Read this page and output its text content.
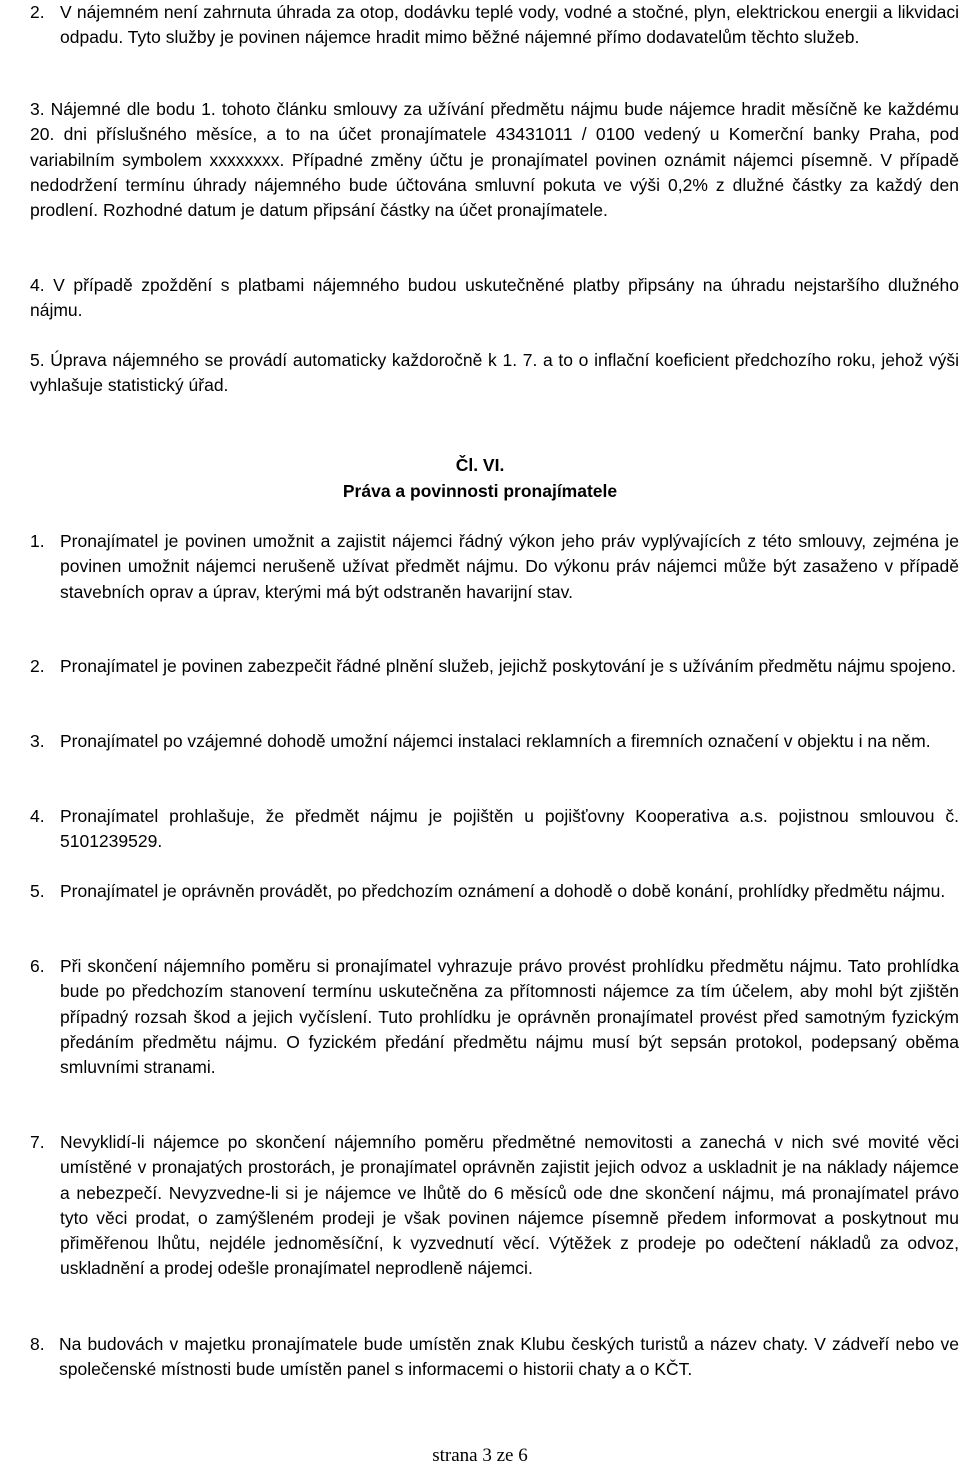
2. V nájemném není zahrnuta úhrada za otop, dodávku teplé vody, vodné a stočné, plyn, elektrickou energii a likvidaci odpadu. Tyto služby je povinen nájemce hradit mimo běžné nájemné přímo dodavatelům těchto služeb.
3. Nájemné dle bodu 1. tohoto článku smlouvy za užívání předmětu nájmu bude nájemce hradit měsíčně ke každému 20. dni příslušného měsíce, a to na účet pronajímatele 43431011 / 0100 vedený u Komerční banky Praha, pod variabilním symbolem xxxxxxxx. Případné změny účtu je pronajímatel povinen oznámit nájemci písemně. V případě nedodržení termínu úhrady nájemného bude účtována smluvní pokuta ve výši 0,2% z dlužné částky za každý den prodlení. Rozhodné datum je datum připsání částky na účet pronajímatele.
4. V případě zpoždění s platbami nájemného budou uskutečněné platby připsány na úhradu nejstaršího dlužného nájmu.
5. Úprava nájemného se provádí automaticky každoročně k 1. 7. a to o inflační koeficient předchozího roku, jehož výši vyhlašuje statistický úřad.
Čl. VI.
Práva a povinnosti pronajímatele
1. Pronajímatel je povinen umožnit a zajistit nájemci řádný výkon jeho práv vyplývajících z této smlouvy, zejména je povinen umožnit nájemci nerušeně užívat předmět nájmu. Do výkonu práv nájemci může být zasaženo v případě stavebních oprav a úprav, kterými má být odstraněn havarijní stav.
2. Pronajímatel je povinen zabezpečit řádné plnění služeb, jejichž poskytování je s užíváním předmětu nájmu spojeno.
3. Pronajímatel po vzájemné dohodě umožní nájemci instalaci reklamních a firemních označení v objektu i na něm.
4. Pronajímatel prohlašuje, že předmět nájmu je pojištěn u pojišťovny Kooperativa a.s. pojistnou smlouvou č. 5101239529.
5. Pronajímatel je oprávněn provádět, po předchozím oznámení a dohodě o době konání, prohlídky předmětu nájmu.
6. Při skončení nájemního poměru si pronajímatel vyhrazuje právo provést prohlídku předmětu nájmu. Tato prohlídka bude po předchozím stanovení termínu uskutečněna za přítomnosti nájemce za tím účelem, aby mohl být zjištěn případný rozsah škod a jejich vyčíslení. Tuto prohlídku je oprávněn pronajímatel provést před samotným fyzickým předáním předmětu nájmu. O fyzickém předání předmětu nájmu musí být sepsán protokol, podepsaný oběma smluvními stranami.
7. Nevyklidí-li nájemce po skončení nájemního poměru předmětné nemovitosti a zanechá v nich své movité věci umístěné v pronajatých prostorách, je pronajímatel oprávněn zajistit jejich odvoz a uskladnit je na náklady nájemce a nebezpečí. Nevyzvedne-li si je nájemce ve lhůtě do 6 měsíců ode dne skončení nájmu, má pronajímatel právo tyto věci prodat, o zamýšleném prodeji je však povinen nájemce písemně předem informovat a poskytnout mu přiměřenou lhůtu, nejdéle jednoměsíční, k vyzvednutí věcí. Výtěžek z prodeje po odečtení nákladů za odvoz, uskladnění a prodej odešle pronajímatel neprodleně nájemci.
8. Na budovách v majetku pronajímatele bude umístěn znak Klubu českých turistů a název chaty. V zádveří nebo ve společenské místnosti bude umístěn panel s informacemi o historii chaty a o KČT.
strana 3 ze 6
